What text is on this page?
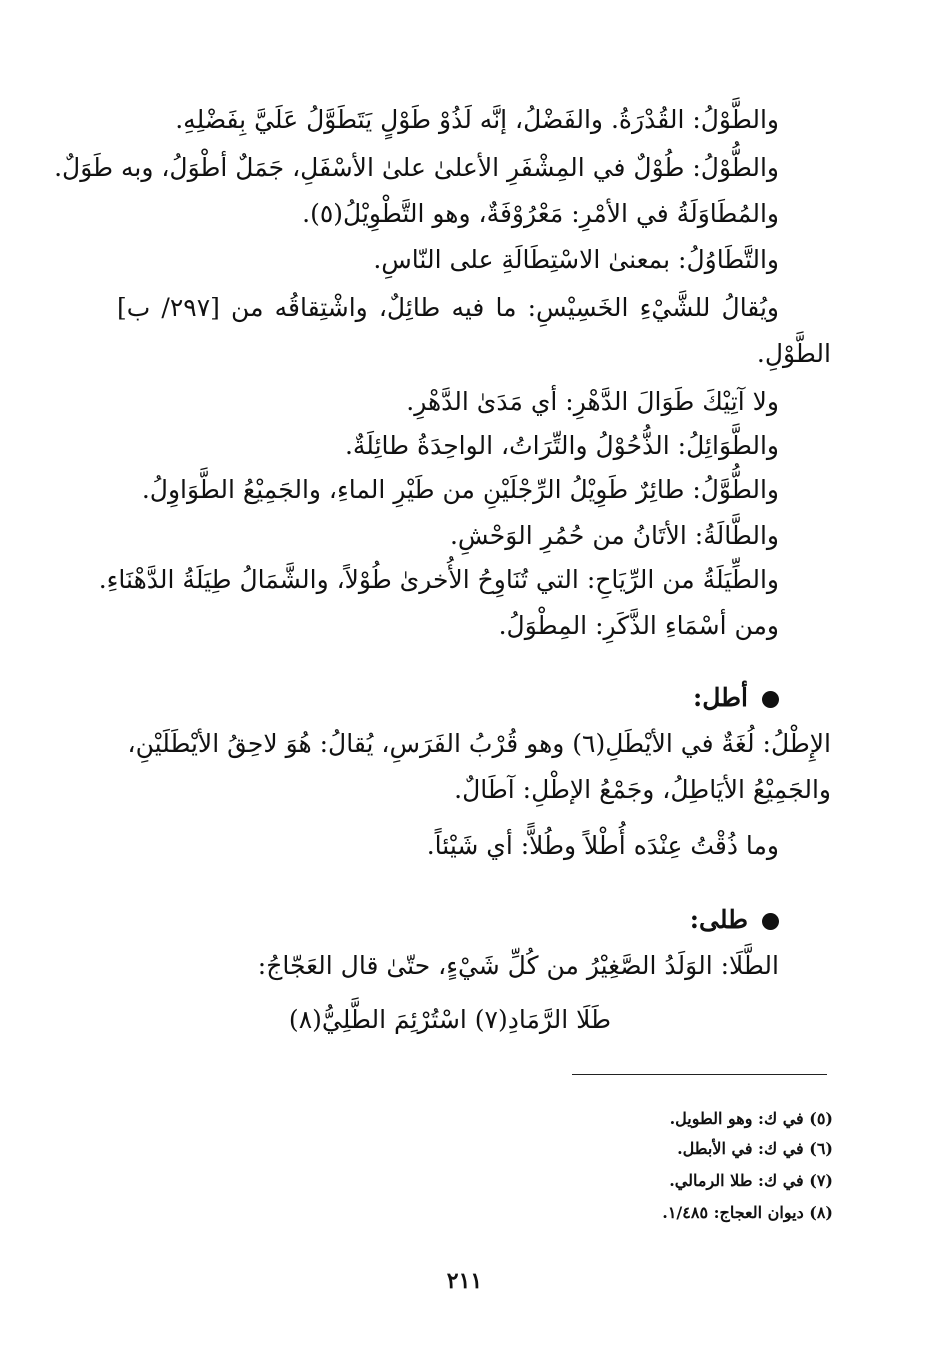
والطَّوْلُ: القُدْرَةُ. والفَضْلُ، إنَّه لَذُوْ طَوْلٍ يَتَطَوَّلُ عَلَيَّ بِفَضْلِهِ.
والطُّوْلُ: طُوْلٌ في المِشْفَرِ الأعلىٰ علىٰ الأسْفَلِ، جَمَلٌ أطْوَلُ، وبه طَوَلٌ.
والمُطَاوَلَةُ في الأمْرِ: مَعْرُوْفَةٌ، وهو التَّطْوِيْلُ(٥).
والتَّطَاوُلُ: بمعنىٰ الاسْتِطَالَةِ على النّاسِ.
ويُقالُ للشَّيْءِ الخَسِيْسِ: ما فيه طائِلٌ، واشْتِقاقُه من [٢٩٧/ ب]
الطَّوْلِ.
ولا آتِيْكَ طَوَالَ الدَّهْرِ: أي مَدَىٰ الدَّهْرِ.
والطَّوَائِلُ: الذُّحُوْلُ والتِّرَاتُ، الواحِدَةُ طائِلَةٌ.
والطُّوَّلُ: طائِرٌ طَوِيْلُ الرِّجْلَيْنِ من طَيْرِ الماءِ، والجَمِيْعُ الطَّوَاوِلُ.
والطَّالَةُ: الأتَانُ من حُمُرِ الوَحْشِ.
والطِّيَلَةُ من الرِّيَاحِ: التي تُنَاوِحُ الأُخرىٰ طُوْلاً، والشَّمَالُ طِيَلَةُ الدَّهْنَاءِ.
ومن أسْمَاءِ الذَّكَرِ: المِطْوَلُ.
أطل:
الإِطْلُ: لُغَةٌ في الأيْطَلِ(٦) وهو قُرْبُ الفَرَسِ، يُقالُ: هُوَ لاحِقُ الأيْطَلَيْنِ،
والجَمِيْعُ الأيَاطِلُ، وجَمْعُ الإطْلِ: آطَالٌ.
وما ذُقْتُ عِنْدَه أُطْلاً وطُلاًّ: أي شَيْئاً.
طلى:
الطَّلَا: الوَلَدُ الصَّغِيْرُ من كُلِّ شَيْءٍ، حتّىٰ قال العَجّاجُ:
طَلَا الرَّمَادِ(٧) اسْتُرْئِمَ الطَّلِيُّ(٨)
(٥) في ك: وهو الطويل.
(٦) في ك: في الأبطل.
(٧) في ك: طلا الرمالي.
(٨) ديوان العجاج: ١/٤٨٥.
٢١١
